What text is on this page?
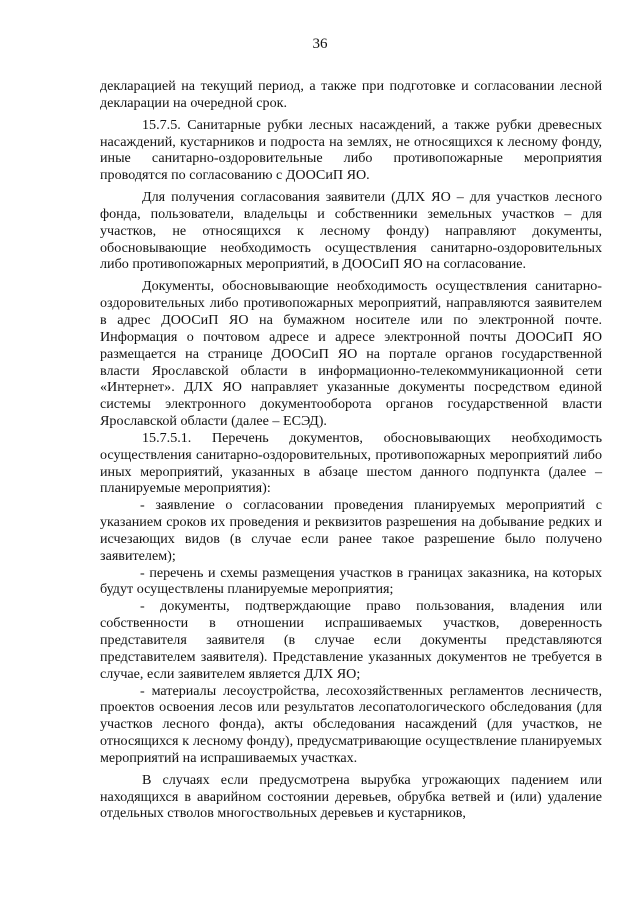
36

декларацией на текущий период, а также при подготовке и согласовании лесной декларации на очередной срок.

15.7.5. Санитарные рубки лесных насаждений, а также рубки древесных насаждений, кустарников и подроста на землях, не относящихся к лесному фонду, иные санитарно-оздоровительные либо противопожарные мероприятия проводятся по согласованию с ДООСиП ЯО.

Для получения согласования заявители (ДЛХ ЯО – для участков лесного фонда, пользователи, владельцы и собственники земельных участков – для участков, не относящихся к лесному фонду) направляют документы, обосновывающие необходимость осуществления санитарно-оздоровительных либо противопожарных мероприятий, в ДООСиП ЯО на согласование.

Документы, обосновывающие необходимость осуществления санитарно-оздоровительных либо противопожарных мероприятий, направляются заявителем в адрес ДООСиП ЯО на бумажном носителе или по электронной почте. Информация о почтовом адресе и адресе электронной почты ДООСиП ЯО размещается на странице ДООСиП ЯО на портале органов государственной власти Ярославской области в информационно-телекоммуникационной сети «Интернет». ДЛХ ЯО направляет указанные документы посредством единой системы электронного документооборота органов государственной власти Ярославской области (далее – ЕСЭД).

15.7.5.1. Перечень документов, обосновывающих необходимость осуществления санитарно-оздоровительных, противопожарных мероприятий либо иных мероприятий, указанных в абзаце шестом данного подпункта (далее – планируемые мероприятия):

- заявление о согласовании проведения планируемых мероприятий с указанием сроков их проведения и реквизитов разрешения на добывание редких и исчезающих видов (в случае если ранее такое разрешение было получено заявителем);

- перечень и схемы размещения участков в границах заказника, на которых будут осуществлены планируемые мероприятия;

- документы, подтверждающие право пользования, владения или собственности в отношении испрашиваемых участков, доверенность представителя заявителя (в случае если документы представляются представителем заявителя). Представление указанных документов не требуется в случае, если заявителем является ДЛХ ЯО;

- материалы лесоустройства, лесохозяйственных регламентов лесничеств, проектов освоения лесов или результатов лесопатологического обследования (для участков лесного фонда), акты обследования насаждений (для участков, не относящихся к лесному фонду), предусматривающие осуществление планируемых мероприятий на испрашиваемых участках.

В случаях если предусмотрена вырубка угрожающих падением или находящихся в аварийном состоянии деревьев, обрубка ветвей и (или) удаление отдельных стволов многоствольных деревьев и кустарников,
